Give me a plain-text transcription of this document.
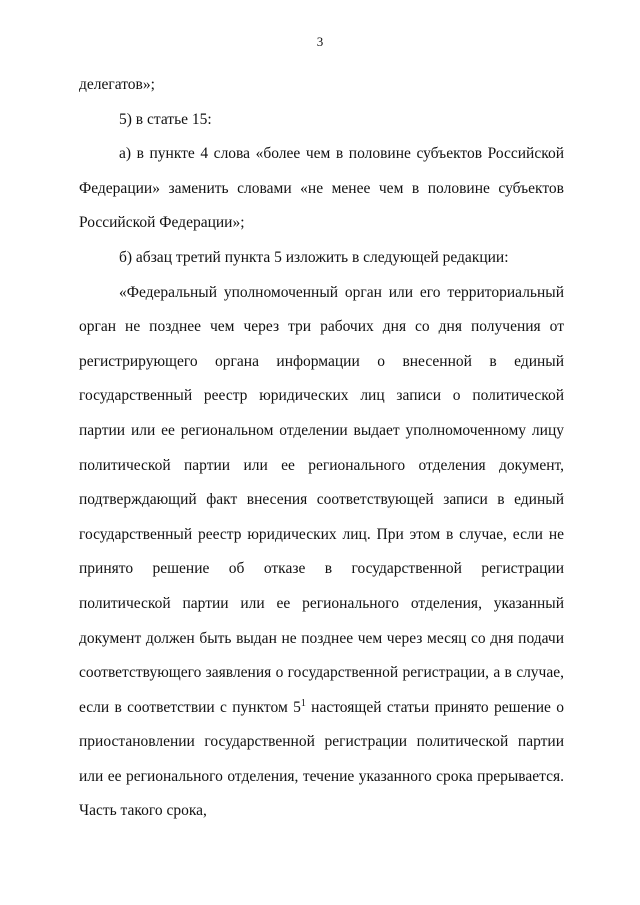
3

делегатов»;

5) в статье 15:

а) в пункте 4 слова «более чем в половине субъектов Российской Федерации» заменить словами «не менее чем в половине субъектов Российской Федерации»;

б) абзац третий пункта 5 изложить в следующей редакции:

«Федеральный уполномоченный орган или его территориальный орган не позднее чем через три рабочих дня со дня получения от регистрирующего органа информации о внесенной в единый государственный реестр юридических лиц записи о политической партии или ее региональном отделении выдает уполномоченному лицу политической партии или ее регионального отделения документ, подтверждающий факт внесения соответствующей записи в единый государственный реестр юридических лиц. При этом в случае, если не принято решение об отказе в государственной регистрации политической партии или ее регионального отделения, указанный документ должен быть выдан не позднее чем через месяц со дня подачи соответствующего заявления о государственной регистрации, а в случае, если в соответствии с пунктом $5^1$ настоящей статьи принято решение о приостановлении государственной регистрации политической партии или ее регионального отделения, течение указанного срока прерывается. Часть такого срока,
